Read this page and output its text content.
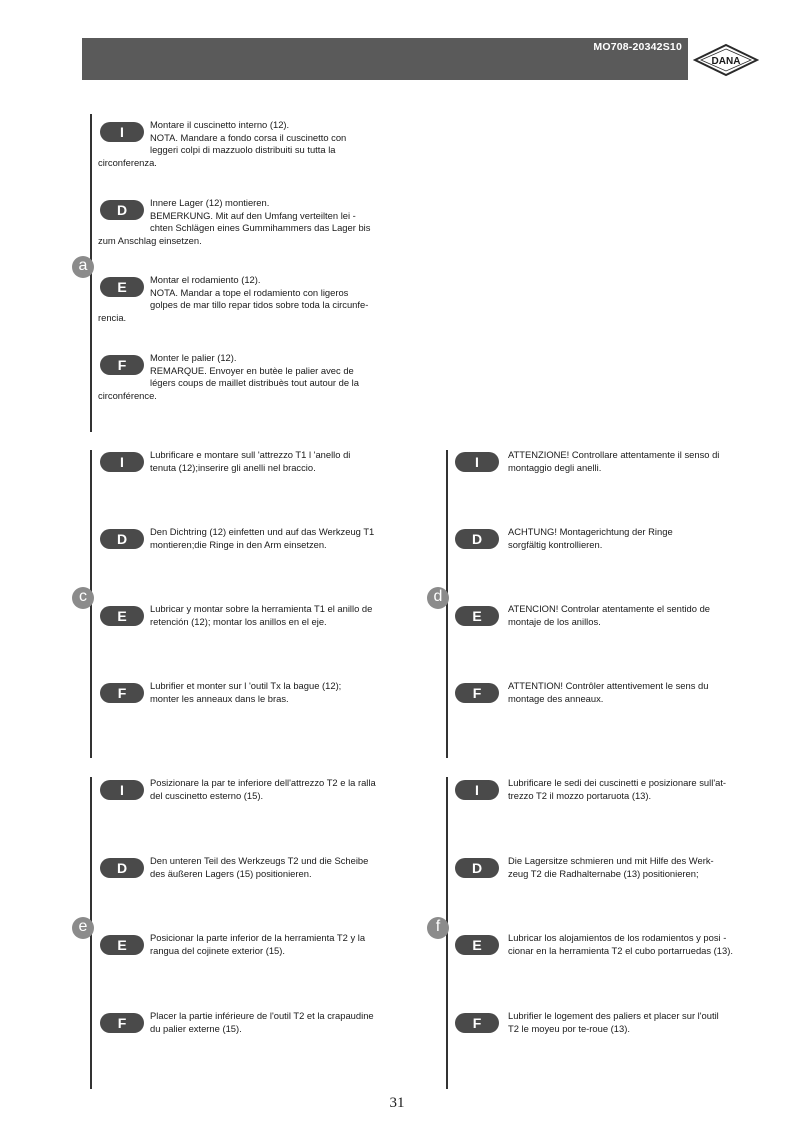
MO708-20342S10
DANA
a
I	Montare il cuscinetto interno (12).
NOTA. Mandare a fondo corsa il cuscinetto con
leggeri colpi di mazzuolo distribuiti su tutta la
circonferenza.
D	Innere Lager (12) montieren.
BEMERKUNG. Mit auf den Umfang verteilten lei -
chten Schlägen eines Gummihammers das Lager bis
zum Anschlag einsetzen.
E	Montar el rodamiento (12).
NOTA. Mandar a tope el rodamiento con ligeros
golpes de mar tillo repar tidos sobre toda la circunfe-
rencia.
F	Monter le palier (12).
REMARQUE. Envoyer en butèe le palier avec de
légers coups de maillet distribuès tout autour de la
circonférence.
c
I	Lubrificare e montare sull 'attrezzo T1 l 'anello di
tenuta (12);inserire gli anelli nel braccio.
D	Den Dichtring (12) einfetten und auf das Werkzeug T1
montieren;die Ringe in den Arm einsetzen.
E	Lubricar y montar sobre la herramienta T1 el anillo de
retención (12); montar los anillos en el eje.
F	Lubrifier et monter sur l 'outil Tx la bague (12);
monter les anneaux dans le bras.
d
I	ATTENZIONE! Controllare attentamente il senso di
montaggio degli anelli.
D	ACHTUNG! Montagerichtung der Ringe
sorgfältig kontrollieren.
E	ATENCION! Controlar atentamente el sentido de
montaje de los anillos.
F	ATTENTION! Contrôler attentivement le sens du
montage des anneaux.
e
I	Posizionare la par te inferiore dell'attrezzo T2 e la ralla
del cuscinetto esterno (15).
D	Den unteren Teil des Werkzeugs T2 und die Scheibe
des äußeren Lagers (15) positionieren.
E	Posicionar la parte inferior de la herramienta T2 y la
rangua del cojinete exterior (15).
F	Placer la partie inférieure de l'outil T2 et la crapaudine
du palier externe (15).
f
I	Lubrificare le sedi dei cuscinetti e posizionare sull'at-
trezzo T2 il mozzo portaruota (13).
D	Die Lagersitze schmieren und mit Hilfe des Werk-
zeug T2 die Radhalternabe (13) positionieren;
E	Lubricar los alojamientos de los rodamientos y posi -
cionar en la herramienta T2 el cubo portarruedas (13).
F	Lubrifier le logement des paliers et placer sur l'outil
T2 le moyeu por te-roue (13).
31
